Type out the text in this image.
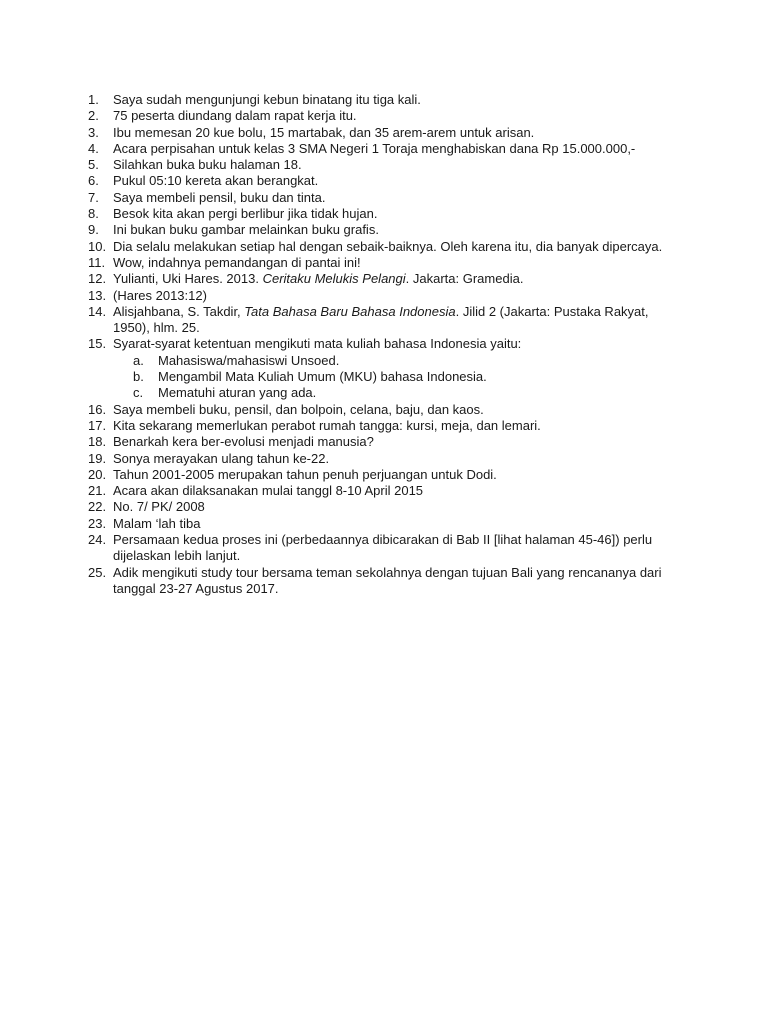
1.	Saya sudah mengunjungi kebun binatang itu tiga kali.
2.	75 peserta diundang dalam rapat kerja itu.
3.	Ibu memesan 20 kue bolu, 15 martabak, dan 35 arem-arem untuk arisan.
4.	Acara perpisahan untuk kelas 3 SMA Negeri 1 Toraja menghabiskan dana Rp 15.000.000,-
5.	Silahkan buka buku halaman 18.
6.	Pukul 05:10 kereta akan berangkat.
7.	Saya membeli pensil, buku dan tinta.
8.	Besok kita akan pergi berlibur jika tidak hujan.
9.	Ini bukan buku gambar melainkan buku grafis.
10. Dia selalu melakukan setiap hal dengan sebaik-baiknya. Oleh karena itu, dia banyak dipercaya.
11. Wow, indahnya pemandangan di pantai ini!
12. Yulianti, Uki Hares. 2013. Ceritaku Melukis Pelangi. Jakarta: Gramedia.
13. (Hares 2013:12)
14. Alisjahbana, S. Takdir, Tata Bahasa Baru Bahasa Indonesia. Jilid 2 (Jakarta: Pustaka Rakyat, 1950), hlm. 25.
15. Syarat-syarat ketentuan mengikuti mata kuliah bahasa Indonesia yaitu:
a.	Mahasiswa/mahasiswi Unsoed.
b.	Mengambil Mata Kuliah Umum (MKU) bahasa Indonesia.
c.	Mematuhi aturan yang ada.
16. Saya membeli buku, pensil, dan bolpoin, celana, baju, dan kaos.
17. Kita sekarang memerlukan perabot rumah tangga: kursi, meja, dan lemari.
18. Benarkah kera ber-evolusi menjadi manusia?
19. Sonya merayakan ulang tahun ke-22.
20. Tahun 2001-2005 merupakan tahun penuh perjuangan untuk Dodi.
21. Acara akan dilaksanakan mulai tanggl 8-10 April 2015
22. No. 7/ PK/ 2008
23. Malam ‘lah tiba
24. Persamaan kedua proses ini (perbedaannya dibicarakan di Bab II [lihat halaman 45-46]) perlu dijelaskan lebih lanjut.
25. Adik mengikuti study tour bersama teman sekolahnya dengan tujuan Bali yang rencananya dari tanggal 23-27 Agustus 2017.
